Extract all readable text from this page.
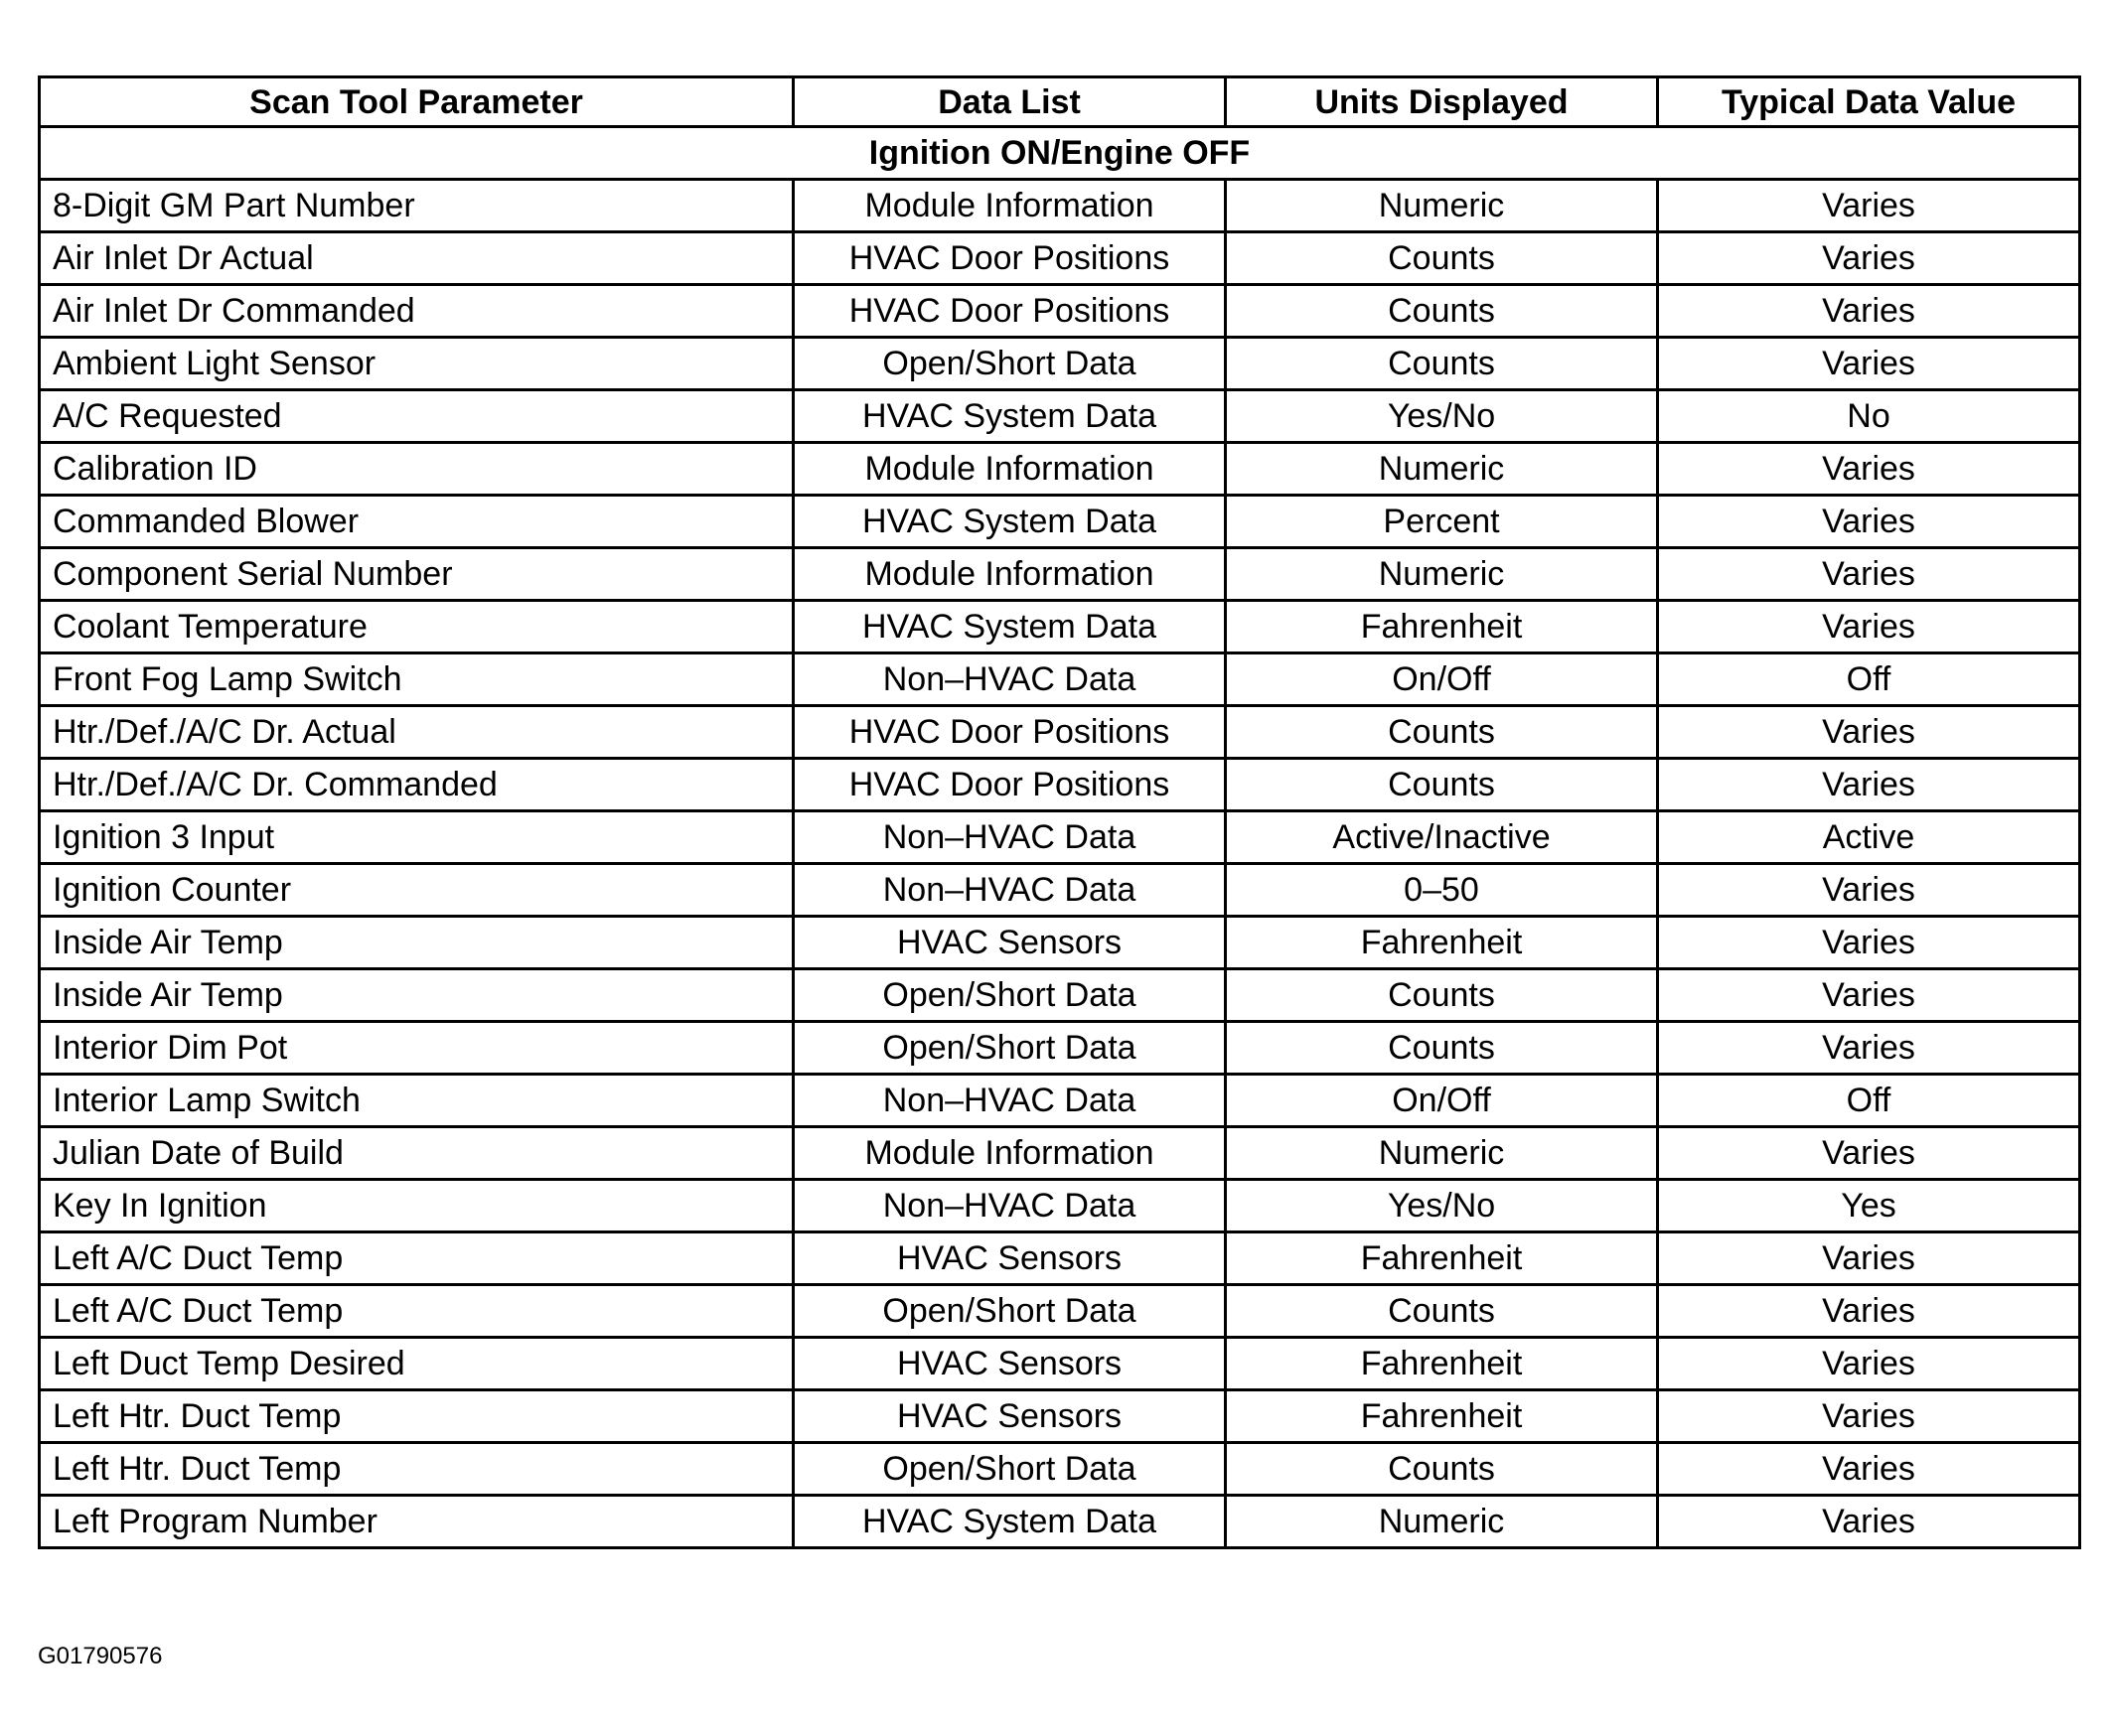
Scan Tool Parameter	Data List	Units Displayed	Typical Data Value
Ignition ON/Engine OFF			
8-Digit GM Part Number	Module Information	Numeric	Varies
Air Inlet Dr Actual	HVAC Door Positions	Counts	Varies
Air Inlet Dr Commanded	HVAC Door Positions	Counts	Varies
Ambient Light Sensor	Open/Short Data	Counts	Varies
A/C Requested	HVAC System Data	Yes/No	No
Calibration ID	Module Information	Numeric	Varies
Commanded Blower	HVAC System Data	Percent	Varies
Component Serial Number	Module Information	Numeric	Varies
Coolant Temperature	HVAC System Data	Fahrenheit	Varies
Front Fog Lamp Switch	Non–HVAC Data	On/Off	Off
Htr./Def./A/C Dr. Actual	HVAC Door Positions	Counts	Varies
Htr./Def./A/C Dr. Commanded	HVAC Door Positions	Counts	Varies
Ignition 3 Input	Non–HVAC Data	Active/Inactive	Active
Ignition Counter	Non–HVAC Data	0–50	Varies
Inside Air Temp	HVAC Sensors	Fahrenheit	Varies
Inside Air Temp	Open/Short Data	Counts	Varies
Interior Dim Pot	Open/Short Data	Counts	Varies
Interior Lamp Switch	Non–HVAC Data	On/Off	Off
Julian Date of Build	Module Information	Numeric	Varies
Key In Ignition	Non–HVAC Data	Yes/No	Yes
Left A/C Duct Temp	HVAC Sensors	Fahrenheit	Varies
Left A/C Duct Temp	Open/Short Data	Counts	Varies
Left Duct Temp Desired	HVAC Sensors	Fahrenheit	Varies
Left Htr. Duct Temp	HVAC Sensors	Fahrenheit	Varies
Left Htr. Duct Temp	Open/Short Data	Counts	Varies
Left Program Number	HVAC System Data	Numeric	Varies
G01790576
